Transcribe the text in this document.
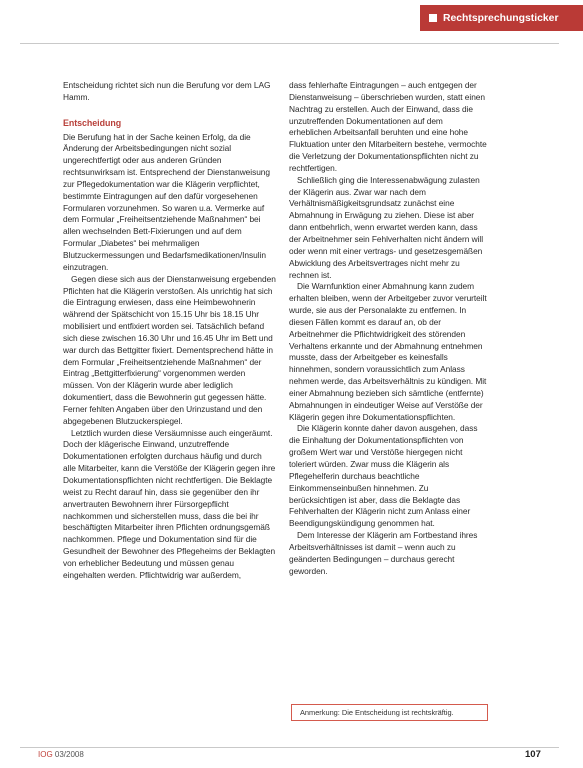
Rechtsprechungsticker

Entscheidung richtet sich nun die Berufung vor dem LAG Hamm.

Entscheidung

Die Berufung hat in der Sache keinen Erfolg, da die Änderung der Arbeitsbedingungen nicht sozial ungerechtfertigt oder aus anderen Gründen rechtsunwirksam ist. Entsprechend der Dienstanweisung zur Pflegedokumentation war die Klägerin verpflichtet, bestimmte Eintragungen auf den dafür vorgesehenen Formularen vorzunehmen. So waren u.a. Vermerke auf dem Formular „Freiheitsentziehende Maßnahmen“ bei allen wechselnden Bett-Fixierungen und auf dem Formular „Diabetes“ bei mehrmaligen Blutzuckermessungen und Bedarfsmedikationen/Insulin einzutragen.

Gegen diese sich aus der Dienstanweisung ergebenden Pflichten hat die Klägerin verstoßen. Als unrichtig hat sich die Eintragung erwiesen, dass eine Heimbewohnerin während der Spätschicht von 15.15 Uhr bis 18.15 Uhr mobilisiert und entfixiert worden sei. Tatsächlich befand sich diese zwischen 16.30 Uhr und 16.45 Uhr im Bett und war durch das Bettgitter fixiert. Dementsprechend hätte in dem Formular „Freiheitsentziehende Maßnahmen“ der Eintrag „Bettgitterfixierung“ vorgenommen werden müssen. Von der Klägerin wurde aber lediglich dokumentiert, dass die Bewohnerin gut gegessen hätte. Ferner fehlten Angaben über den Urinzustand und den abgegebenen Blutzuckerspiegel.

Letztlich wurden diese Versäumnisse auch eingeräumt. Doch der klägerische Einwand, unzutreffende Dokumentationen erfolgten durchaus häufig und durch alle Mitarbeiter, kann die Verstöße der Klägerin gegen ihre Dokumentationspflichten nicht rechtfertigen. Die Beklagte weist zu Recht darauf hin, dass sie gegenüber den ihr anvertrauten Bewohnern ihrer Fürsorgepflicht nachkommen und sicherstellen muss, dass die bei ihr beschäftigten Mitarbeiter ihren Pflichten ordnungsgemäß nachkommen. Pflege und Dokumentation sind für die Gesundheit der Bewohner des Pflegeheims der Beklagten von erheblicher Bedeutung und müssen genau eingehalten werden. Pflichtwidrig war außerdem,

dass fehlerhafte Eintragungen – auch entgegen der Dienstanweisung – überschrieben wurden, statt einen Nachtrag zu erstellen. Auch der Einwand, dass die unzutreffenden Dokumentationen auf dem erheblichen Arbeitsanfall beruhten und eine hohe Fluktuation unter den Mitarbeitern bestehe, vermochte die Verletzung der Dokumentationspflichten nicht zu rechtfertigen.

Schließlich ging die Interessenabwägung zulasten der Klägerin aus. Zwar war nach dem Verhältnismäßigkeitsgrundsatz zunächst eine Abmahnung in Erwägung zu ziehen. Diese ist aber dann entbehrlich, wenn erwartet werden kann, dass der Arbeitnehmer sein Fehlverhalten nicht ändern will oder wenn mit einer vertrags- und gesetzesgemäßen Abwicklung des Arbeitsvertrages nicht mehr zu rechnen ist.

Die Warnfunktion einer Abmahnung kann zudem erhalten bleiben, wenn der Arbeitgeber zuvor verurteilt wurde, sie aus der Personalakte zu entfernen. In diesen Fällen kommt es darauf an, ob der Arbeitnehmer die Pflichtwidrigkeit des störenden Verhaltens erkannte und der Abmahnung entnehmen musste, dass der Arbeitgeber es keinesfalls hinnehmen, sondern voraussichtlich zum Anlass nehmen werde, das Arbeitsverhältnis zu kündigen. Mit einer Abmahnung bezieben sich sämtliche (entfernte) Abmahnungen in eindeutiger Weise auf Verstöße der Klägerin gegen ihre Dokumentationspflichten.

Die Klägerin konnte daher davon ausgehen, dass die Einhaltung der Dokumentationspflichten von großem Wert war und Verstöße hiergegen nicht toleriert würden. Zwar muss die Klägerin als Pflegehelferin durchaus beachtliche Einkommenseinbußen hinnehmen. Zu berücksichtigen ist aber, dass die Beklagte das Fehlverhalten der Klägerin nicht zum Anlass einer Beendigungskündigung genommen hat.

Dem Interesse der Klägerin am Fortbestand ihres Arbeitsverhältnisses ist damit – wenn auch zu geänderten Bedingungen – durchaus gerecht geworden.

Anmerkung: Die Entscheidung ist rechtskräftig.
IOG 03/2008	107
